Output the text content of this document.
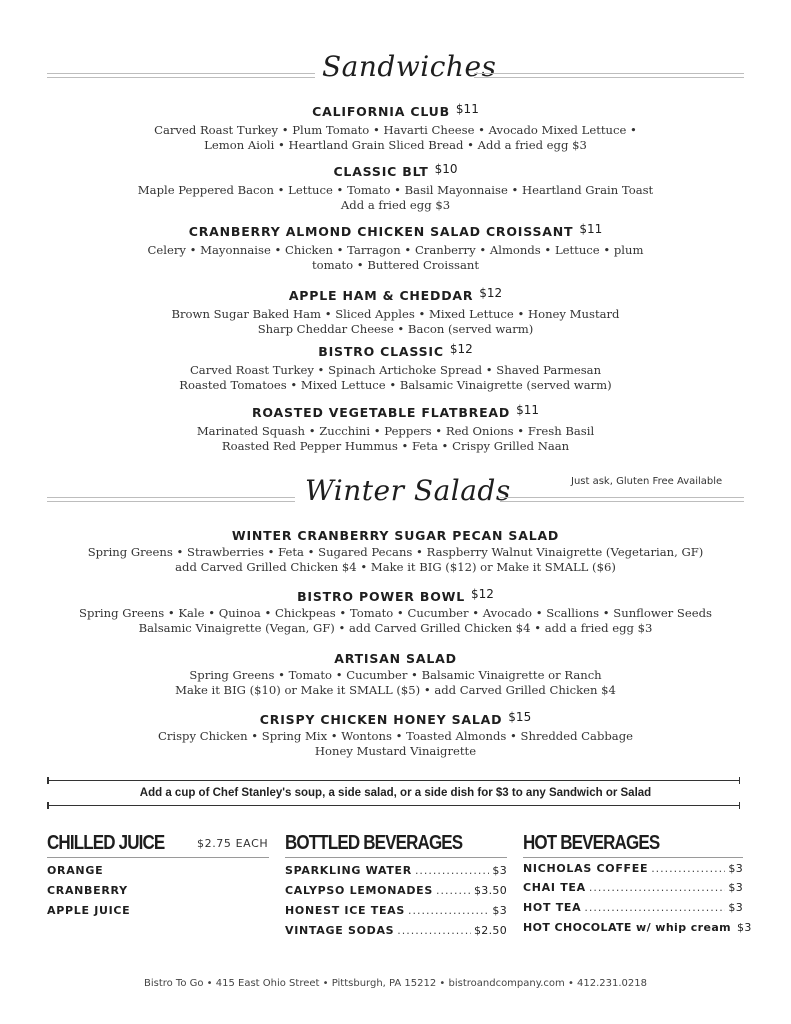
Sandwiches
CALIFORNIA CLUB $11
Carved Roast Turkey • Plum Tomato • Havarti Cheese • Avocado Mixed Lettuce •
Lemon Aioli • Heartland Grain Sliced Bread • Add a fried egg $3
CLASSIC BLT $10
Maple Peppered Bacon • Lettuce • Tomato • Basil Mayonnaise • Heartland Grain Toast
Add a fried egg $3
CRANBERRY ALMOND CHICKEN SALAD CROISSANT $11
Celery • Mayonnaise • Chicken • Tarragon • Cranberry • Almonds • Lettuce • plum
tomato • Buttered Croissant
APPLE HAM & CHEDDAR $12
Brown Sugar Baked Ham • Sliced Apples • Mixed Lettuce • Honey Mustard
Sharp Cheddar Cheese • Bacon (served warm)
BISTRO CLASSIC $12
Carved Roast Turkey • Spinach Artichoke Spread • Shaved Parmesan
Roasted Tomatoes • Mixed Lettuce • Balsamic Vinaigrette (served warm)
ROASTED VEGETABLE FLATBREAD $11
Marinated Squash • Zucchini • Peppers • Red Onions • Fresh Basil
Roasted Red Pepper Hummus • Feta • Crispy Grilled Naan
Winter Salads	Just ask, Gluten Free Available
WINTER CRANBERRY SUGAR PECAN SALAD
Spring Greens • Strawberries • Feta • Sugared Pecans • Raspberry Walnut Vinaigrette (Vegetarian, GF)
add Carved Grilled Chicken $4 • Make it BIG ($12) or Make it SMALL ($6)
BISTRO POWER BOWL $12
Spring Greens • Kale • Quinoa • Chickpeas • Tomato • Cucumber • Avocado • Scallions • Sunflower Seeds
Balsamic Vinaigrette (Vegan, GF) • add Carved Grilled Chicken $4 • add a fried egg $3
ARTISAN SALAD
Spring Greens • Tomato • Cucumber • Balsamic Vinaigrette or Ranch
Make it BIG ($10) or Make it SMALL ($5) • add Carved Grilled Chicken $4
CRISPY CHICKEN HONEY SALAD $15
Crispy Chicken • Spring Mix • Wontons • Toasted Almonds • Shredded Cabbage
Honey Mustard Vinaigrette
Add a cup of Chef Stanley's soup, a side salad, or a side dish for $3 to any Sandwich or Salad
CHILLED JUICE	$2.75 EACH
ORANGE
CRANBERRY
APPLE JUICE
BOTTLED BEVERAGES
SPARKLING WATER .....	$3
CALYPSO LEMONADES .....	$3.50
HONEST ICE TEAS .....	$3
VINTAGE SODAS .....	$2.50
HOT BEVERAGES
NICHOLAS COFFEE .....	$3
CHAI TEA .....	$3
HOT TEA .....	$3
HOT CHOCOLATE w/ whip cream $3
Bistro To Go • 415 East Ohio Street • Pittsburgh, PA 15212 • bistroandcompany.com • 412.231.0218
